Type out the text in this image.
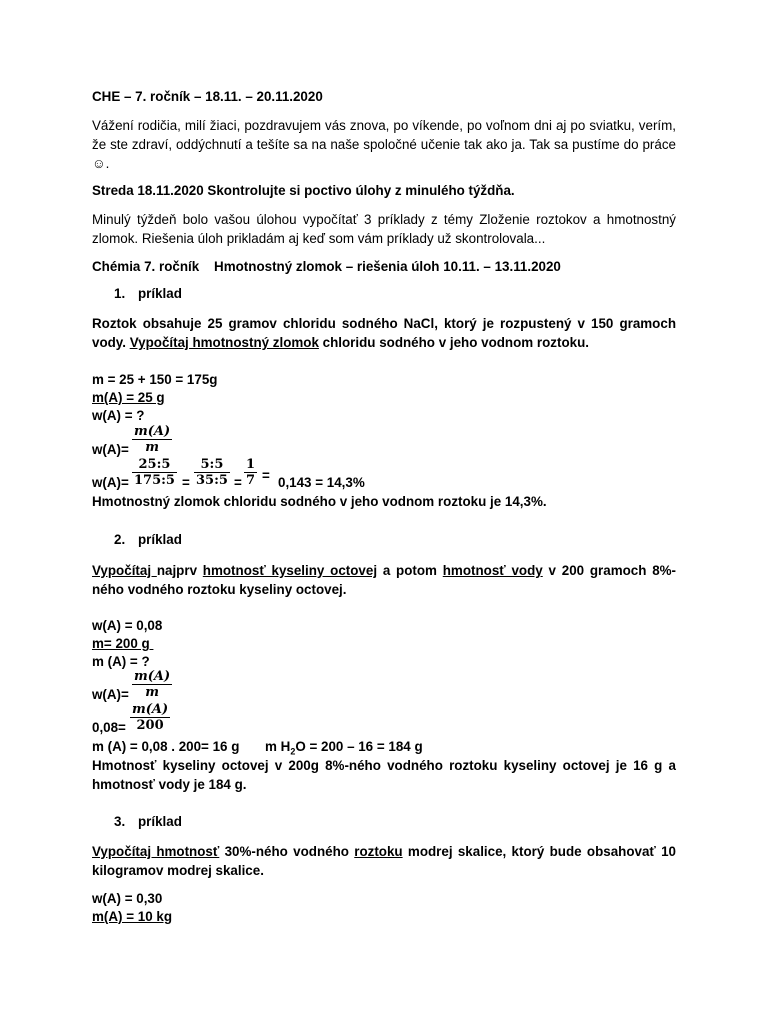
CHE – 7. ročník – 18.11. – 20.11.2020
Vážení rodičia, milí žiaci, pozdravujem vás znova, po víkende, po voľnom dni aj po sviatku, verím, že ste zdraví, oddýchnutí a tešíte sa na naše spoločné učenie tak ako ja. Tak sa pustíme do práce☺.
Streda 18.11.2020 Skontrolujte si poctivo úlohy z minulého týždňa.
Minulý týždeň bolo vašou úlohou vypočítať 3 príklady z témy Zloženie roztokov a hmotnostný zlomok. Riešenia úloh prikladám aj keď som vám príklady už skontrolovala...
Chémia 7. ročník    Hmotnostný zlomok – riešenia úloh 10.11. – 13.11.2020
1. príklad
Roztok obsahuje 25 gramov chloridu sodného NaCl, ktorý je rozpustený v 150 gramoch vody. Vypočítaj hmotnostný zlomok chloridu sodného v jeho vodnom roztoku.
m = 25 + 150 = 175g
m(A) = 25 g
w(A) = ?
$w(A)= \frac{m(A)}{m}$
$w(A)= \frac{25:5}{175:5} = \frac{5:5}{35:5} = \frac{1}{7} = 0,143 = 14,3\%$
Hmotnostný zlomok chloridu sodného v jeho vodnom roztoku je 14,3%.
2. príklad
Vypočítaj najprv hmotnosť kyseliny octovej a potom hmotnosť vody v 200 gramoch 8%-ného vodného roztoku kyseliny octovej.
w(A) = 0,08
m= 200 g
m (A) = ?
$w(A)= \frac{m(A)}{m}$
$0,08= \frac{m(A)}{200}$
m (A) = 0,08 . 200= 16 g m $H_2O = 200 - 16 = 184$ g
Hmotnosť kyseliny octovej v 200g 8%-ného vodného roztoku kyseliny octovej je 16 g a hmotnosť vody je 184 g.
3. príklad
Vypočítaj hmotnosť 30%-ného vodného roztoku modrej skalice, ktorý bude obsahovať 10 kilogramov modrej skalice.
w(A) = 0,30
m(A) = 10 kg
